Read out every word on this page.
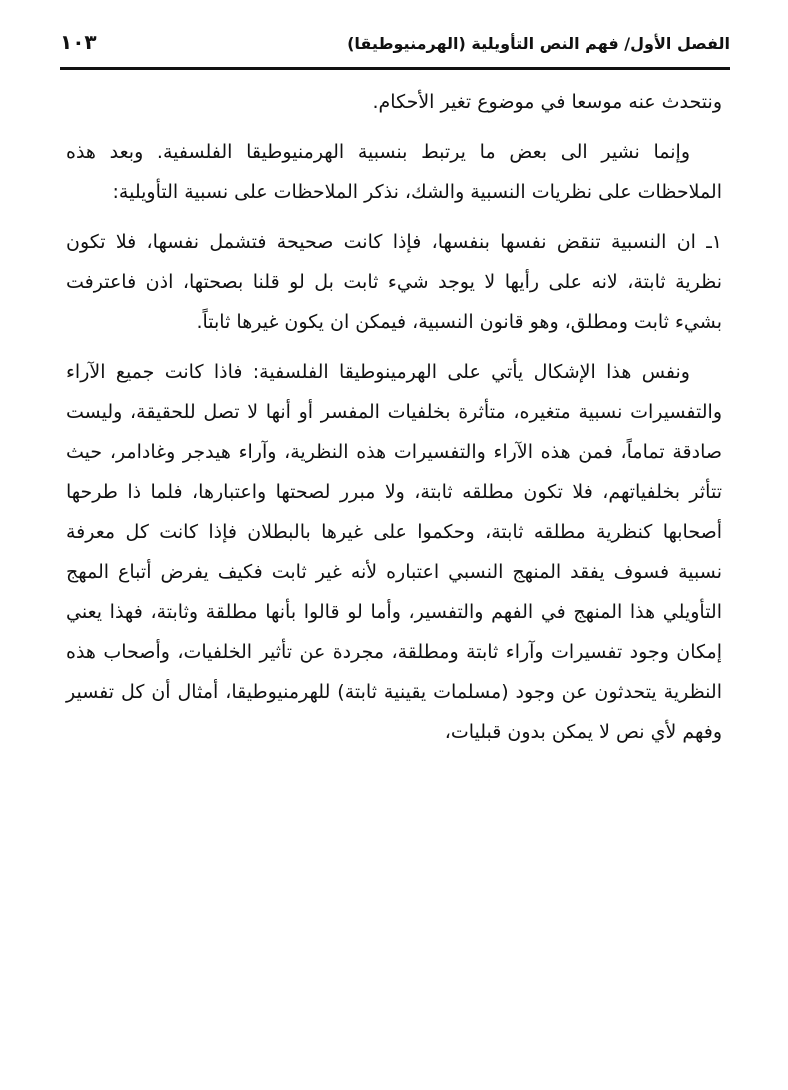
الفصل الأول/ فهم النص التأويلية (الهرمنيوطيقا)
١٠٣

ونتحدث عنه موسعا في موضوع تغير الأحكام.

وإنما نشير الى بعض ما يرتبط بنسبية الهرمنيوطيقا الفلسفية. وبعد هذه الملاحظات على نظريات النسبية والشك، نذكر الملاحظات على نسبية التأويلية:

١ـ ان النسبية تنقض نفسها بنفسها، فإذا كانت صحيحة فتشمل نفسها، فلا تكون نظرية ثابتة، لانه على رأيها لا يوجد شيء ثابت بل لو قلنا بصحتها، اذن فاعترفت بشيء ثابت ومطلق، وهو قانون النسبية، فيمكن ان يكون غيرها ثابتاً.

ونفس هذا الإشكال يأتي على الهرمينوطيقا الفلسفية: فاذا كانت جميع الآراء والتفسيرات نسبية متغيره، متأثرة بخلفيات المفسر أو أنها لا تصل للحقيقة، وليست صادقة تماماً، فمن هذه الآراء والتفسيرات هذه النظرية، وآراء هيدجر وغادامر، حيث تتأثر بخلفياتهم، فلا تكون مطلقه ثابتة، ولا مبرر لصحتها واعتبارها، فلما ذا طرحها أصحابها كنظرية مطلقه ثابتة، وحكموا على غيرها بالبطلان فإذا كانت كل معرفة نسبية فسوف يفقد المنهج النسبي اعتباره لأنه غير ثابت فكيف يفرض أتباع المهج التأويلي هذا المنهج في الفهم والتفسير، وأما لو قالوا بأنها مطلقة وثابتة، فهذا يعني إمكان وجود تفسيرات وآراء ثابتة ومطلقة، مجردة عن تأثير الخلفيات، وأصحاب هذه النظرية يتحدثون عن وجود (مسلمات يقينية ثابتة) للهرمنيوطيقا، أمثال أن كل تفسير وفهم لأي نص لا يمكن بدون قبليات،
